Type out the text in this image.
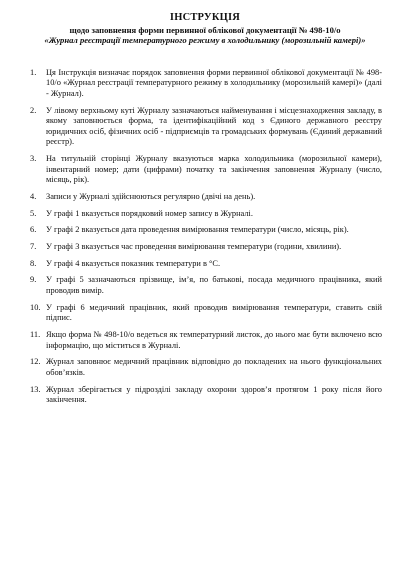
ІНСТРУКЦІЯ
щодо заповнення форми первинної облікової документації № 498-10/о
«Журнал реєстрації температурного режиму в холодильнику (морозильній камері)»
1.	Ця Інструкція визначає порядок заповнення форми первинної облікової документації № 498-10/о «Журнал реєстрації температурного режиму в холодильнику (морозильній камері)» (далі - Журнал).
2.	У лівому верхньому куті Журналу зазначаються найменування і місцезнаходження закладу, в якому заповнюється форма, та ідентифікаційний код з Єдиного державного реєстру юридичних осіб, фізичних осіб - підприємців та громадських формувань (Єдиний державний реєстр).
3.	На титульній сторінці Журналу вказуються марка холодильника (морозильної камери), інвентарний номер; дати (цифрами) початку та закінчення заповнення Журналу (число, місяць, рік).
4.	Записи у Журналі здійснюються регулярно (двічі на день).
5.	У графі 1 вказується порядковий номер запису в Журналі.
6.	У графі 2 вказується дата проведення вимірювання температури (число, місяць, рік).
7.	У графі 3 вказується час проведення вимірювання температури (години, хвилини).
8.	У графі 4 вказується показник температури в °С.
9.	У графі 5 зазначаються прізвище, ім’я, по батькові, посада медичного працівника, який проводив вимір.
10. У графі 6 медичний працівник, який проводив вимірювання температури, ставить свій підпис.
11. Якщо форма № 498-10/о ведеться як температурний листок, до нього має бути включено всю інформацію, що міститься в Журналі.
12. Журнал заповнює медичний працівник відповідно до покладених на нього функціональних обов’язків.
13. Журнал зберігається у підрозділі закладу охорони здоров’я протягом 1 року після його закінчення.
